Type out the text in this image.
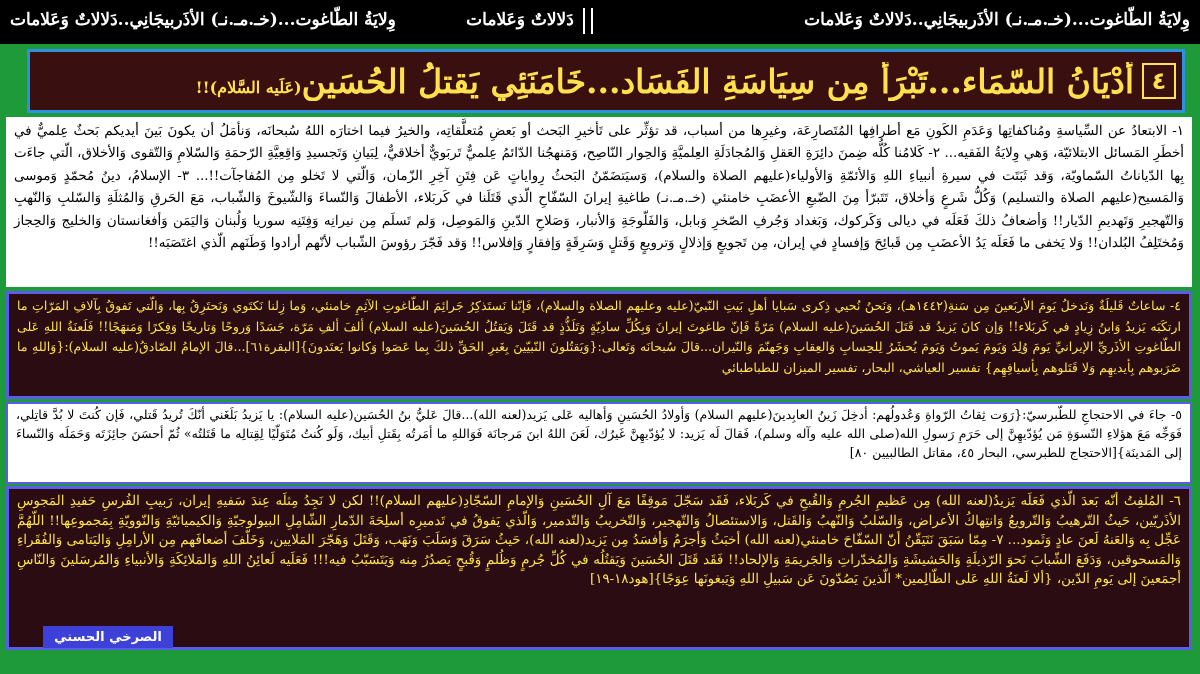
وِلايَةُ الطّاغوت...(خـ.مـ.نـ) الأذَربيجَانِي..دَلالاتٌ وَعَلامات
دَلالاتٌ وَعَلامات
وِلايَةُ الطّاغوت...(خـ.مـ.نـ) الأذَربيجَانِي..دَلالاتٌ وَعَلامات
٤
أدْيَانُ السّمَاء...تَبْرَأ مِن سِيَاسَةِ الفَسَاد...خَامَنَئِي يَقتلُ الحُسَين(عَلَيه السَّلام)!!
١- الابتعادُ عن السِّياسةِ ومُناكفاتِها وَعَدَمِ الكَونِ مَع أطرافِها المُتَصارِعَة، وغيرِها من أسباب، قد تؤثِّر على تَأخيرِ البَحث أو بَعضِ مُتعلَّقاتِه، والخيرُ فيما اختارَه اللهُ سُبحانَه، وَنأمَلُ أن يكونَ بَينَ أيديكم بَحثٌ عِلميٌّ في أخطَرِ المَسائل الابتلائيّة، وَهي وِلايَةُ الفَقيه... ٢- كَلامُنا كُلُّه ضِمنَ دائِرَةِ العَقلِ وَالمُجادَلَةِ العِلميَّةِ وَالحِوار النّاصِح، وَمَنهجُنا الدّائمُ عِلميٌّ تَربَويٌّ أخلاقيٌّ، لِبَيانِ وَتَجسيدِ وَاقِعِيَّةِ الرّحمَةِ وَالسّلامِ وَالتّقوى وَالأخلاق، الّتي جاءَت بِها الدّياناتُ السّماويّة، وَقد ثَبَتَت في سيرةِ أنبياءِ اللهِ وَالأئمّةِ وَالأولياء(عليهم الصلاة والسلام)، وَسيَتضَمّنُ البَحثُ رِواياتٍ عَن فِتَنِ آخِرِ الزّمان، وَالّتي لا تَخلو مِن المُفاجآت!!... ٣- الإسلامُ، دينُ مُحمّدٍ وَموسى وَالمَسيح(عليهم الصلاة والتسليم) وَكُلُّ شَرعٍ وَأخلاق، تَتَبرّأ مِنَ الضّبعِ الأعضَبِ خامنئي (خـ.مـ.نـ) طاغيةِ إيرانَ السّفّاحِ الّذي قَتَلَنا في كَربَلاء، الأطفالَ وَالنّساءَ وَالشّيوخَ وَالشّباب، مَعَ الحَرقِ وَالمُثلَةِ وَالسّلبِ وَالنّهبِ وَالتّهجيرِ وَتَهديمِ الدّيار!! وَأضعافُ ذلكَ فَعَلَه في ديالى وَكَركوك، وَبَغداد وَجُرفِ الصّخرِ وَبابل، وَالفَلّوجَةِ وَالأنبار، وَصَلاحِ الدّينِ وَالمَوصِل، وَلم تَسلَم مِن نيرانِه وَفِتَنِه سوريا وَلُبنان وَاليَمَن وَأفغانستان وَالخليج وَالحِجاز وَمُختَلِفُ البُلدان!! وَلا يَخفى ما فَعَلَه يَدُ الأعضَبِ مِن قَبائِحَ وَإفسادٍ في إيران، مِن تَجويعٍ وَإذلالٍ وَترويعٍ وَقَتلٍ وَسَرِقَةٍ وَإفقارٍ وَإفلاس!! وَقد فَجّرَ رؤوسَ الشّباب لأنّهم أرادوا وَطَنَهم الّذي اغتَصَبَه!!
٤- ساعاتٌ قَليلَةٌ وَنَدخلُ يَومَ الأربَعينَ مِن سَنةِ(١٤٤٢هـ)، وَنَحنُ نُحيي ذِكرى سَبايا أهلِ بَيتِ النّبيّ(عليه وعليهم الصلاة والسلام)، فَإنّنا نَستَذكِرُ جَرائِمَ الطّاغوتِ الآثِمِ خامنئي، وَما زِلنا نَكتَوي وَنَحتَرِقُ بِها، وَالّتي تَفوقُ بِآلافِ المَرّاتِ ما ارتكَبَه يَزيدُ وَابنُ زِيادٍ في كَربَلاء!! وَإن كانَ يَزيدُ قد قَتَلَ الحُسَينَ(عليه السلام) مَرّةً فَإنّ طاغوتَ إيرانَ وَبِكُلِّ سادِيّةٍ وَتَلَذُّذٍ قد قَتَلَ وَيَقتُلُ الحُسَينَ(عليه السلام) ألفَ ألفِ مَرّة، جَسَدًا وَروحًا وَتاريخًا وَفِكرًا وَمَنهَجًا!! فَلَعنَةُ اللهِ عَلى الطّاغوتِ الأذَريِّ الإيرانيِّ يَومَ وُلِدَ وَيَومَ يَموتُ وَيَومَ يُحشَرُ لِلحِسابِ وَالعِقابِ وَجَهنّمَ وَالنّيران...قالَ سُبحانَه وَتَعالى:{وَيَقتُلونَ النّبيّينَ بِغَيرِ الحَقِّ ذلكَ بِما عَصَوا وَكانوا يَعتَدونَ}[البقرة٦١]...قالَ الإمامُ الصّادقُ(عليه السلام):{وَاللهِ ما ضَرَبوهم بِأيديهِم وَلا قَتَلوهم بِأسيافِهِم} تفسير العياشي، البحار، تفسير الميزان للطباطبائي
٥- جاءَ في الاحتجاجِ للطّبرسيّ:{رَوَت ثِقاتُ الرّواةِ وَعُدولُهم: أدخِلَ زَينُ العابِدينَ(عليهم السلام) وَأولادُ الحُسَينِ وَأهاليه عَلى يَزيد(لعنه الله)...قالَ عَليُّ بنُ الحُسَين(عليه السلام): يا يَزيدُ بَلَغَني أنّكَ تُريدُ قَتلي، فَإن كُنتَ لا بُدَّ قاتِلي، فَوَجِّه مَعَ هؤلاءِ النّسوَةِ مَن يُؤدّيهِنَّ إلى حَرَمِ رَسولِ الله(صلى الله عليه وآله وسلم)، فَقالَ لَه يَزيد: لا يُؤدّيهِنَّ غَيرُك، لَعَنَ اللهُ ابنَ مَرجانَة فَوَاللهِ ما أمَرتُه بِقَتلِ أبيك، وَلَو كُنتُ مُتَوَلّيًا لِقِتالِه ما قَتَلتُه» ثُمّ أحسَنَ جائِزَتَه وَحَمَلَه وَالنّساءَ إلى المَدينَة}[الاحتجاج للطبرسي، البحار ٤٥، مقاتل الطالبيين ٨٠]
٦- المُلفِتُ أنّه بَعدَ الّذي فَعَلَه يَزيدُ(لعنه الله) مِن عَظيمِ الجُرمِ وَالقُبحِ في كَربَلاء، فَقَد سَجّلَ مَوقِفًا مَعَ آلِ الحُسَينِ وَالإمامِ السّجّادِ(عليهم السلام)!! لكن لا نَجِدُ مِثلَه عِندَ سَفيهِ إيران، رَبيبِ الفُرسِ حَفيدِ المَجوسِ الأذَريّين، حَيثُ التّرهيبُ وَالتّرويعُ وَانتِهاكُ الأعراض، وَالسّلبُ وَالنّهبُ وَالقَتل، وَالاستئصالُ وَالتّهجير، وَالتّخريبُ وَالتّدمير، وَالّذي يَفوقُ في تَدميرِه أسلِحَةَ الدّمارِ الشّامِلِ البيولوجيّةِ وَالكيميائيّةِ وَالنّوويّةِ بِمَجموعِها!! اللّهُمَّ عَجِّل بِه وَالعَنهُ لَعنَ عادٍ وَثَمود... ٧- مِمّا سَبَقَ نَتَيَقّنُ أنّ السّفّاحَ خامنئي(لعنه الله) أخبَثُ وَأجرَمُ وَأفسَدُ مِن يَزيد(لعنه الله)، حَيثُ سَرَقَ وَسَلَبَ وَنَهَب، وَقَتَلَ وَهَجّرَ المَلايين، وَخَلّفَ أضعافَهم مِن الأرامِلِ وَاليَتامى وَالفُقَراءِ وَالمَسحوقين، وَدَفَعَ الشّبابَ نَحوَ الرّذيلَةِ وَالحَشيشَةِ وَالمُخدّراتِ وَالجَريمَةِ وَالإلحاد!! فَقَد قَتَلَ الحُسَينَ وَيَقتُلُه في كُلِّ جُرمٍ وَظُلمٍ وَقُبحٍ يَصدُرُ مِنه وَيَتَسَبّبُ فيه!!! فَعَلَيه لَعائِنُ اللهِ وَالمَلائِكَةِ وَالأنبياءِ وَالمُرسَلينَ وَالنّاسِ أجمَعينَ إلى يَومِ الدّين، {ألا لَعنَةُ اللهِ عَلى الظّالِمين* الّذينَ يَصُدّونَ عَن سَبيلِ اللهِ وَيَبغونَها عِوَجًا}[هود١٨-١٩]
الصرخي الحسني
